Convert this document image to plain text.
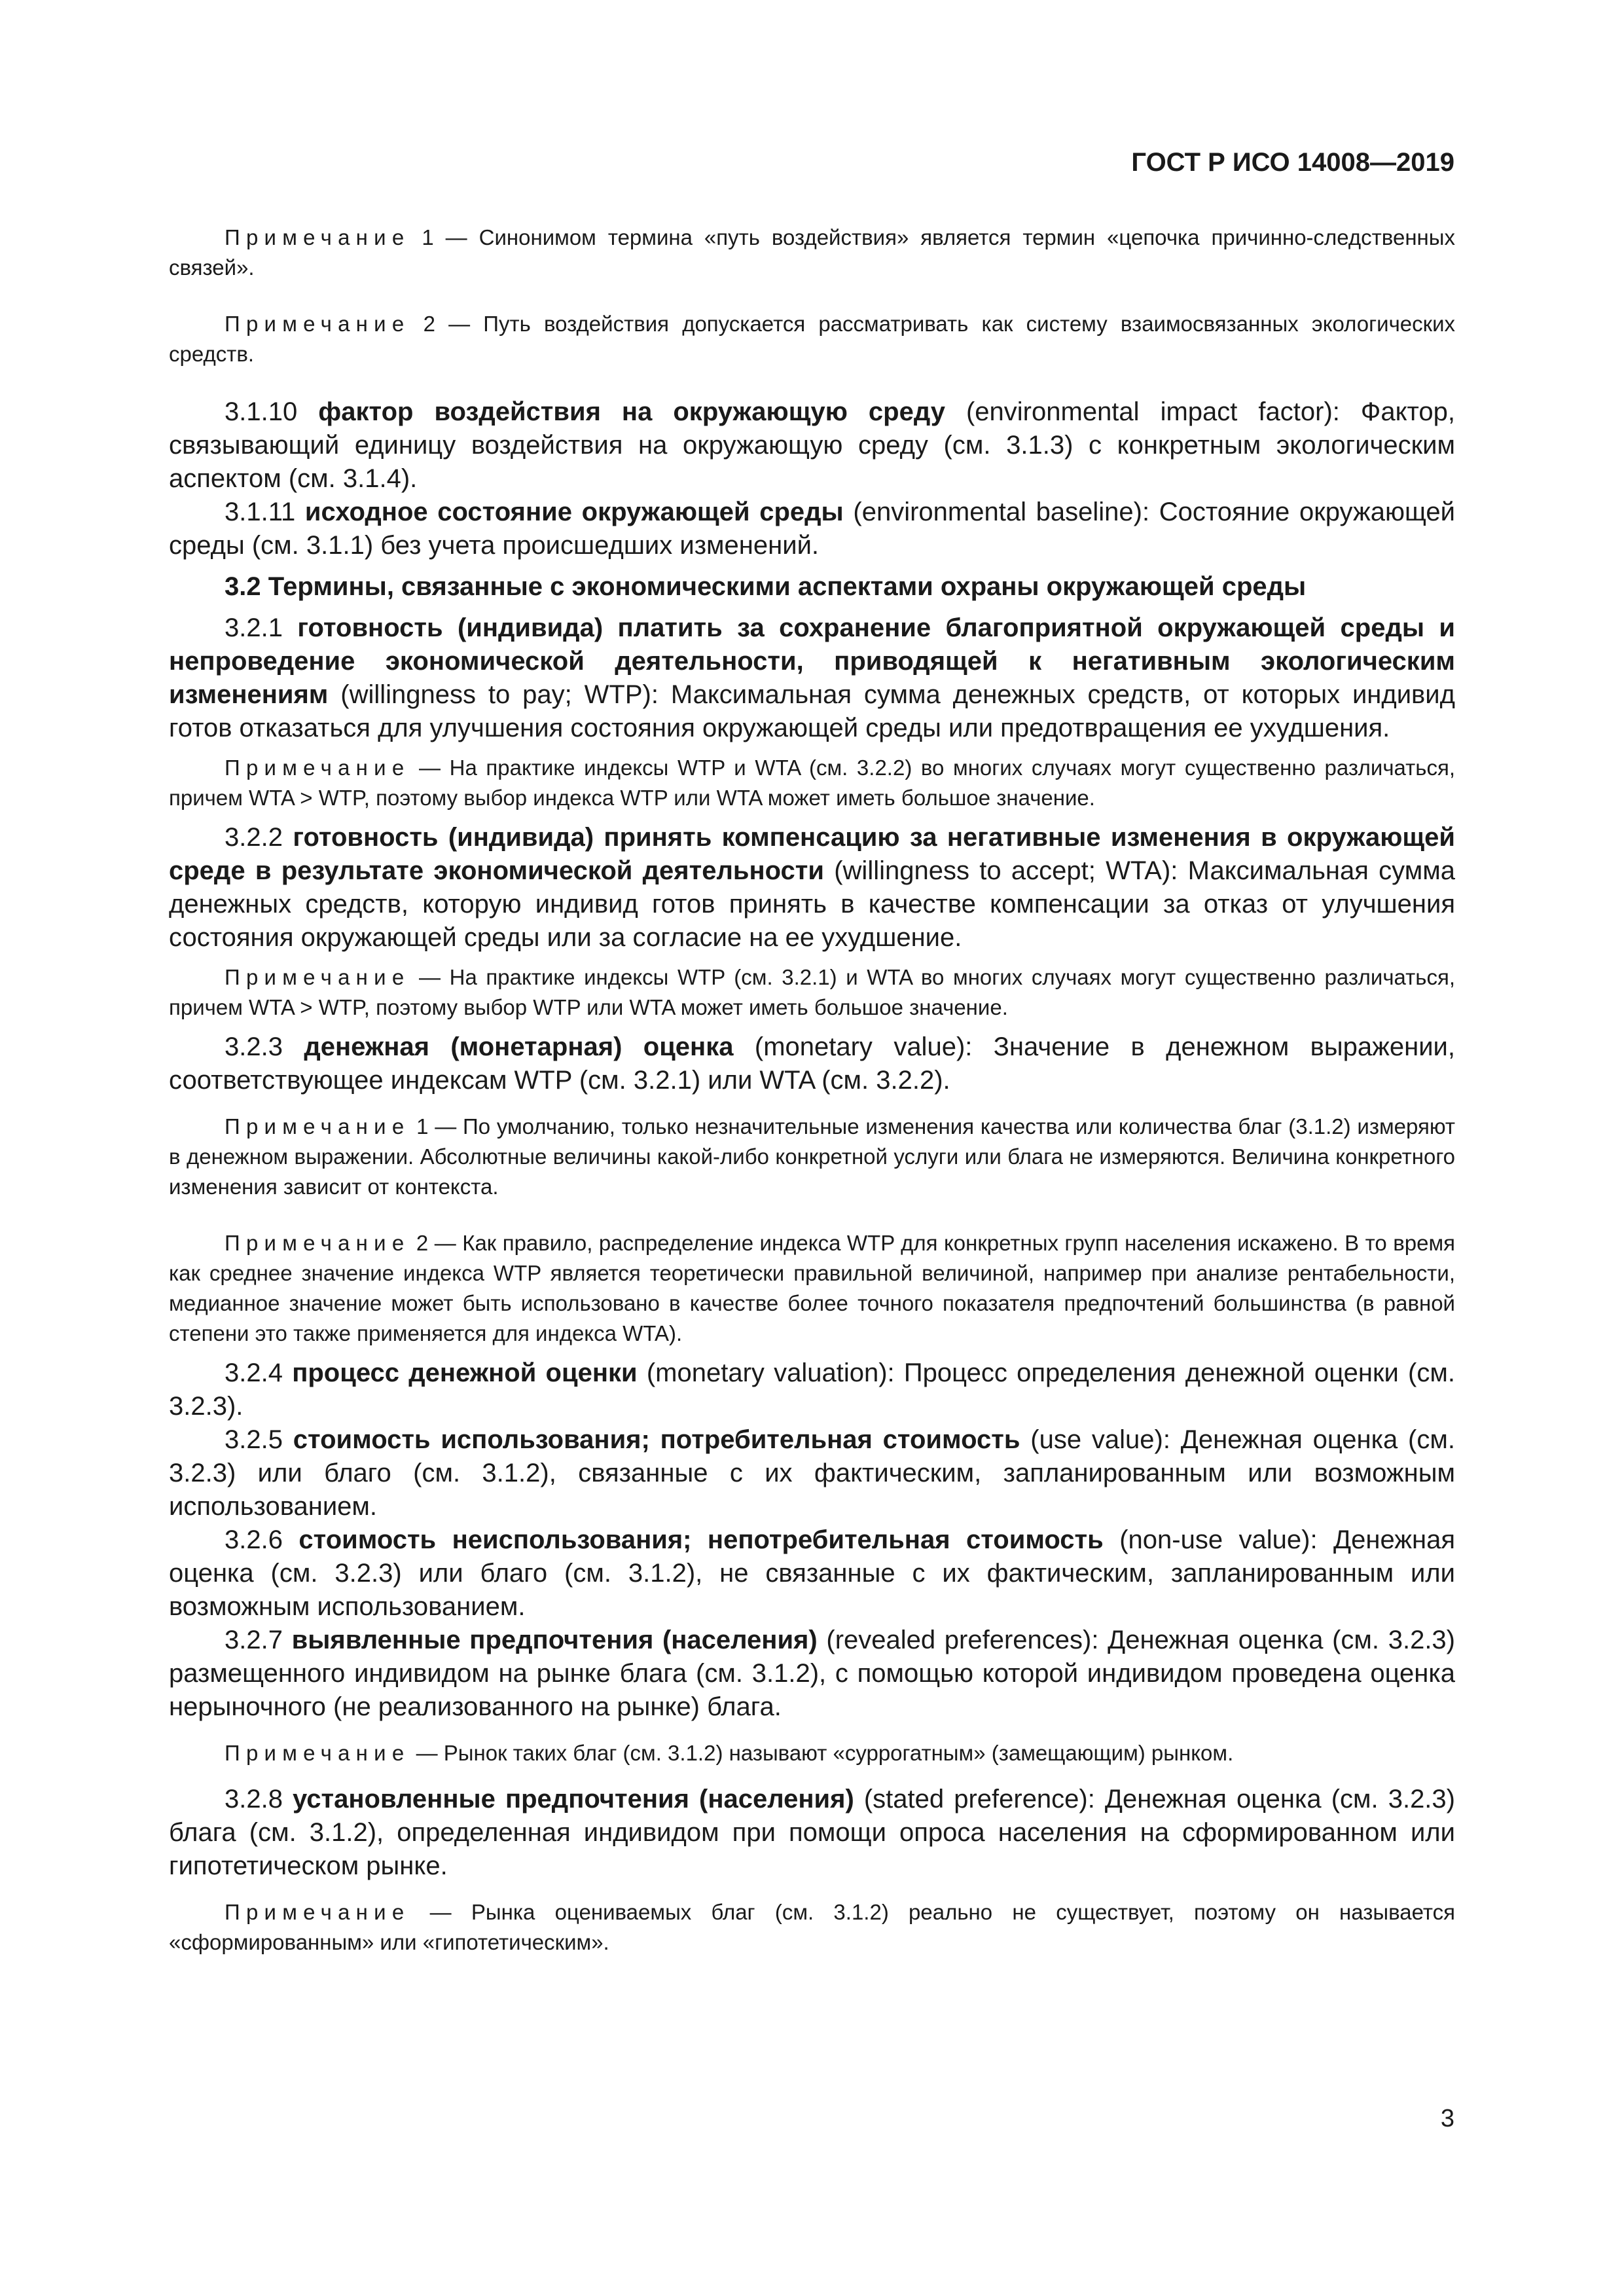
ГОСТ Р ИСО 14008—2019

Примечание 1 — Синонимом термина «путь воздействия» является термин «цепочка причинно-следственных связей».

Примечание 2 — Путь воздействия допускается рассматривать как систему взаимосвязанных экологических средств.

3.1.10 фактор воздействия на окружающую среду (environmental impact factor): Фактор, связывающий единицу воздействия на окружающую среду (см. 3.1.3) с конкретным экологическим аспектом (см. 3.1.4).

3.1.11 исходное состояние окружающей среды (environmental baseline): Состояние окружающей среды (см. 3.1.1) без учета происшедших изменений.

3.2 Термины, связанные с экономическими аспектами охраны окружающей среды

3.2.1 готовность (индивида) платить за сохранение благоприятной окружающей среды и непроведение экономической деятельности, приводящей к негативным экологическим изменениям (willingness to pay; WTP): Максимальная сумма денежных средств, от которых индивид готов отказаться для улучшения состояния окружающей среды или предотвращения ее ухудшения.

Примечание — На практике индексы WTP и WTA (см. 3.2.2) во многих случаях могут существенно различаться, причем WTA > WTP, поэтому выбор индекса WTP или WTA может иметь большое значение.

3.2.2 готовность (индивида) принять компенсацию за негативные изменения в окружающей среде в результате экономической деятельности (willingness to accept; WTA): Максимальная сумма денежных средств, которую индивид готов принять в качестве компенсации за отказ от улучшения состояния окружающей среды или за согласие на ее ухудшение.

Примечание — На практике индексы WTP (см. 3.2.1) и WTA во многих случаях могут существенно различаться, причем WTA > WTP, поэтому выбор WTP или WTA может иметь большое значение.

3.2.3 денежная (монетарная) оценка (monetary value): Значение в денежном выражении, соответствующее индексам WTP (см. 3.2.1) или WTA (см. 3.2.2).

Примечание 1 — По умолчанию, только незначительные изменения качества или количества благ (3.1.2) измеряют в денежном выражении. Абсолютные величины какой-либо конкретной услуги или блага не измеряются. Величина конкретного изменения зависит от контекста.

Примечание 2 — Как правило, распределение индекса WTP для конкретных групп населения искажено. В то время как среднее значение индекса WTP является теоретически правильной величиной, например при анализе рентабельности, медианное значение может быть использовано в качестве более точного показателя предпочтений большинства (в равной степени это также применяется для индекса WTA).

3.2.4 процесс денежной оценки (monetary valuation): Процесс определения денежной оценки (см. 3.2.3).

3.2.5 стоимость использования; потребительная стоимость (use value): Денежная оценка (см. 3.2.3) или благо (см. 3.1.2), связанные с их фактическим, запланированным или возможным использованием.

3.2.6 стоимость неиспользования; непотребительная стоимость (non-use value): Денежная оценка (см. 3.2.3) или благо (см. 3.1.2), не связанные с их фактическим, запланированным или возможным использованием.

3.2.7 выявленные предпочтения (населения) (revealed preferences): Денежная оценка (см. 3.2.3) размещенного индивидом на рынке блага (см. 3.1.2), с помощью которой индивидом проведена оценка нерыночного (не реализованного на рынке) блага.

Примечание — Рынок таких благ (см. 3.1.2) называют «суррогатным» (замещающим) рынком.

3.2.8 установленные предпочтения (населения) (stated preference): Денежная оценка (см. 3.2.3) блага (см. 3.1.2), определенная индивидом при помощи опроса населения на сформированном или гипотетическом рынке.

Примечание — Рынка оцениваемых благ (см. 3.1.2) реально не существует, поэтому он называется «сформированным» или «гипотетическим».

3
